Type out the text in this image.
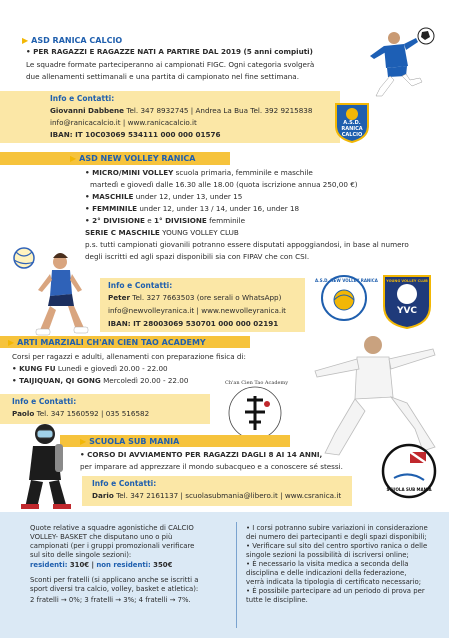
▶ ASD RANICA CALCIO
• PER RAGAZZI E RAGAZZE NATI A PARTIRE DAL 2019 (5 anni compiuti)
Le squadre formate parteciperanno ai campionati FIGC. Ogni categoria svolgerà
due allenamenti settimanali e una partita di campionato nel fine settimana.
Info e Contatti:
Giovanni Dabbene Tel. 347 8932745 | Andrea La Bua Tel. 392 9215838
info@ranicacalcio.it | www.ranicacalcio.it
IBAN: IT 10C03069 534111 000 000 01576
A.S.D.
RANICA
CALCIO
▶ ASD NEW VOLLEY RANICA
• MICRO/MINI VOLLEY scuola primaria, femminile e maschile
martedì e giovedì dalle 16.30 alle 18.00 (quota iscrizione annua 250,00 €)
• MASCHILE under 12, under 13, under 15
• FEMMINILE under 12, under 13 / 14, under 16, under 18
• 2° DIVISIONE e 1° DIVISIONE femminile
SERIE C MASCHILE YOUNG VOLLEY CLUB
p.s. tutti campionati giovanili potranno essere disputati appoggiandosi, in base al numero
degli iscritti ed agli spazi disponibili sia con FIPAV che con CSI.
Info e Contatti:
Peter Tel. 327 7663503 (ore serali o WhatsApp)
info@newvolleyranica.it | www.newvolleyranica.it
IBAN: IT 28003069 530701 000 000 02191
A.S.D. NEW VOLLEY RANICA
YVC
YOUNG VOLLEY CLUB
▶ ARTI MARZIALI CH'AN CIEN TAO ACADEMY
Corsi per ragazzi e adulti, allenamenti con preparazione fisica di:
• KUNG FU Lunedì e giovedì 20.00 - 22.00
• TAIJIQUAN, QI GONG Mercoledì 20.00 - 22.00
Info e Contatti:
Paolo Tel. 347 1560592 | 035 516582
Ch'an Cien Tao Academy
▶ SCUOLA SUB MANIA
• CORSO DI AVVIAMENTO PER RAGAZZI DAGLI 8 AI 14 ANNI,
per imparare ad apprezzare il mondo subacqueo e a conoscere sé stessi.
Info e Contatti:
Dario Tel. 347 2161137 | scuolasubmania@libero.it | www.csranica.it
SCUOLA SUB MANIA
Quote relative a squadre agonistiche di CALCIO
VOLLEY- BASKET che disputano uno o più
campionati (per i gruppi promozionali verificare
sul sito delle singole sezioni):
residenti: 310€ | non residenti: 350€
Sconti per fratelli (si applicano anche se iscritti a
sport diversi tra calcio, volley, basket e atletica):
2 fratelli → 0%; 3 fratelli → 3%; 4 fratelli → 7%.
• I corsi potranno subire variazioni in considerazione
dei numero dei partecipanti e degli spazi disponibili;
• Verificare sul sito del centro sportivo ranica o delle
singole sezioni la possibilità di iscriversi online;
• È necessario la visita medica a seconda della
disciplina e delle indicazioni della federazione,
verrà indicata la tipologia di certificato necessario;
• È possibile partecipare ad un periodo di prova per
tutte le discipline.
